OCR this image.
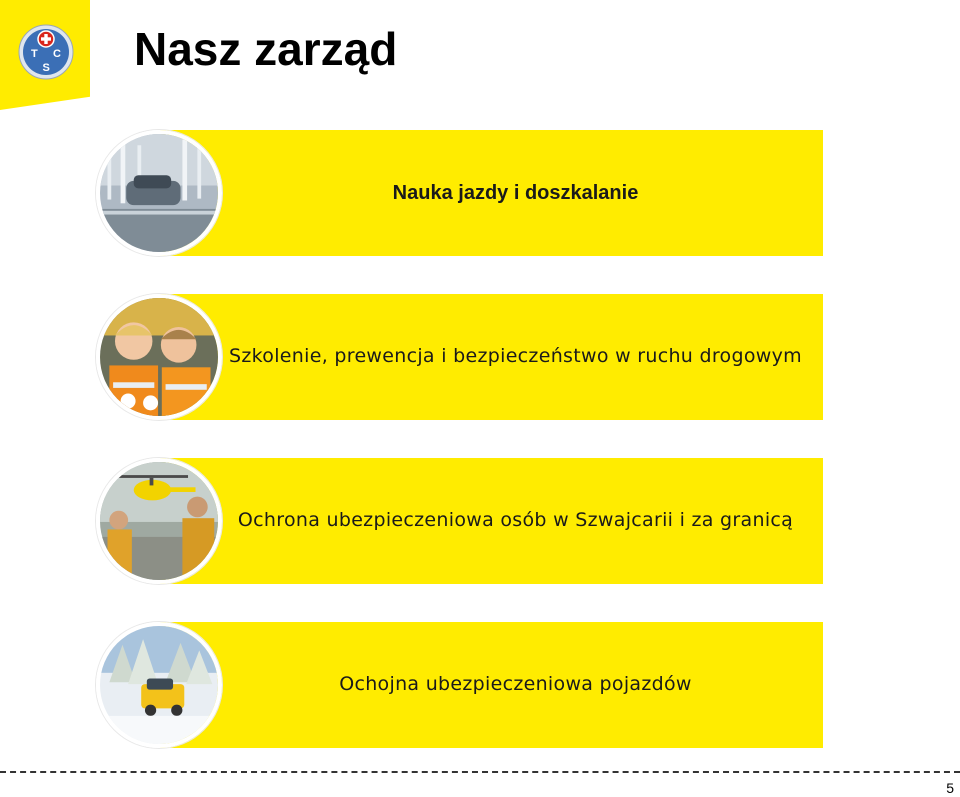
T C
S Nasz zarząd
Nauka jazdy i doszkalanie
Szkolenie, prewencja i bezpieczeństwo w ruchu drogowym
Ochrona ubezpieczeniowa osób w Szwajcarii i za granicą
Ochojna ubezpieczeniowa pojazdów
5
